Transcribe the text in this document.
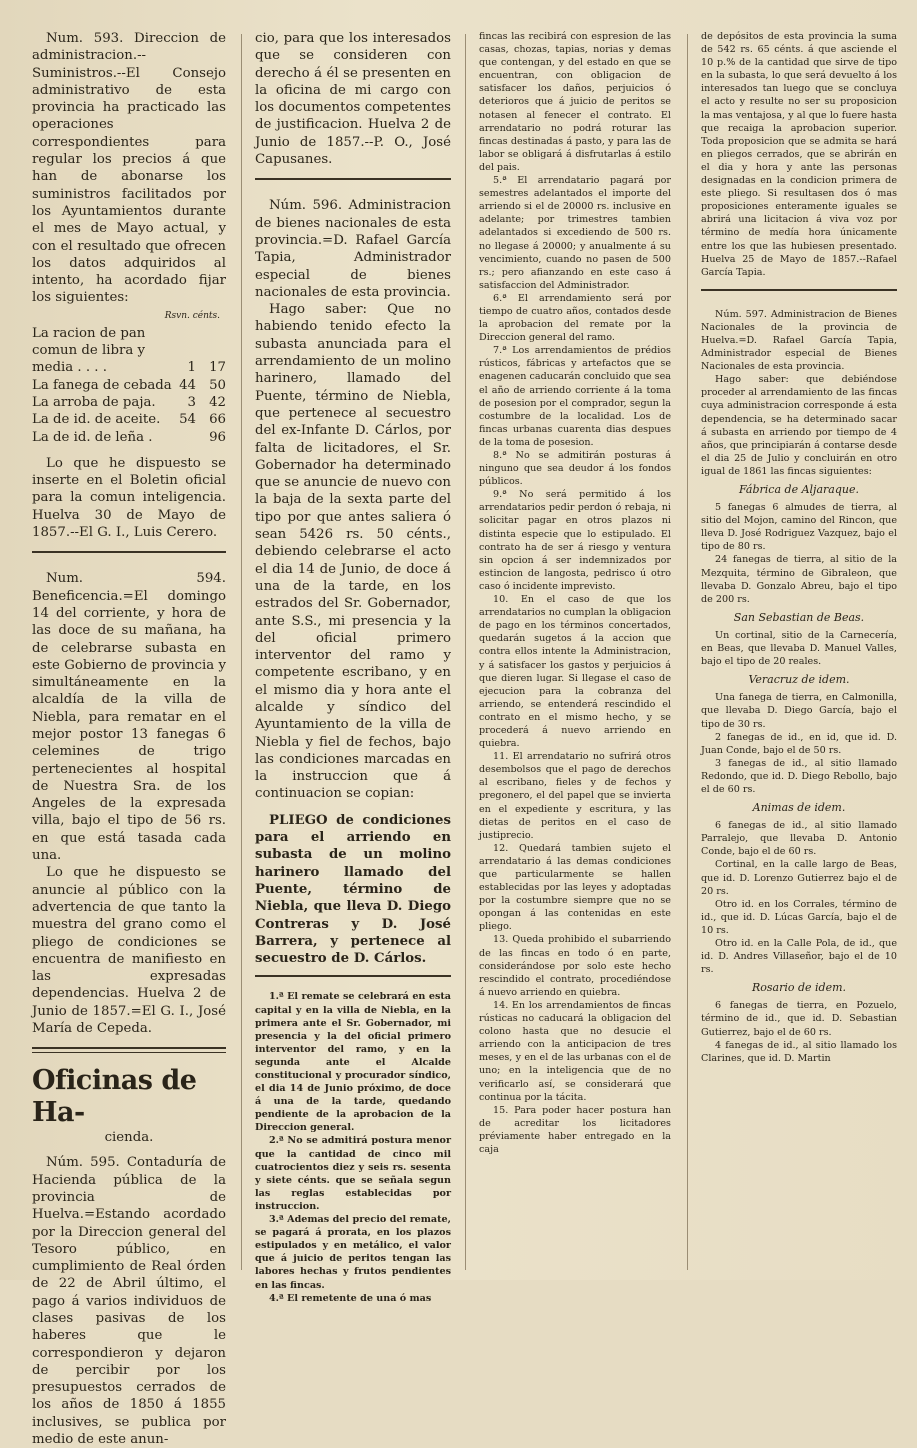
Num. 593. Direccion de administracion.--Suministros.--El Consejo administrativo de esta provincia ha practicado las operaciones correspondientes para regular los precios á que han de abonarse los suministros facilitados por los Ayuntamientos durante el mes de Mayo actual, y con el resultado que ofrecen los datos adquiridos al intento, ha acordado fijar los siguientes:

Rsvn. cénts.
La racion de pan comun de libra y media . . . .	1	17
La fanega de cebada	44	50
La arroba de paja.	3	42
La de id. de aceite.	54	66
La de id. de leña .		96

Lo que he dispuesto se inserte en el Boletin oficial para la comun inteligencia. Huelva 30 de Mayo de 1857.--El G. I., Luis Cerero.

Num. 594. Beneficencia.=El domingo 14 del corriente, y hora de las doce de su mañana, ha de celebrarse subasta en este Gobierno de provincia y simultáneamente en la alcaldía de la villa de Niebla, para rematar en el mejor postor 13 fanegas 6 celemines de trigo pertenecientes al hospital de Nuestra Sra. de los Angeles de la expresada villa, bajo el tipo de 56 rs. en que está tasada cada una.

Lo que he dispuesto se anuncie al público con la advertencia de que tanto la muestra del grano como el pliego de condiciones se encuentra de manifiesto en las expresadas dependencias. Huelva 2 de Junio de 1857.=El G. I., José María de Cepeda.

Oficinas de Ha-
cienda.

Núm. 595. Contaduría de Hacienda pública de la provincia de Huelva.=Estando acordado por la Direccion general del Tesoro público, en cumplimiento de Real órden de 22 de Abril último, el pago á varios individuos de clases pasivas de los haberes que le correspondieron y dejaron de percibir por los presupuestos cerrados de los años de 1850 á 1855 inclusives, se publica por medio de este anun-

cio, para que los interesados que se consideren con derecho á él se presenten en la oficina de mi cargo con los documentos competentes de justificacion. Huelva 2 de Junio de 1857.--P. O., José Capusanes.

Núm. 596. Administracion de bienes nacionales de esta provincia.=D. Rafael García Tapia, Administrador especial de bienes nacionales de esta provincia.

Hago saber: Que no habiendo tenido efecto la subasta anunciada para el arrendamiento de un molino harinero, llamado del Puente, término de Niebla, que pertenece al secuestro del ex-Infante D. Cárlos, por falta de licitadores, el Sr. Gobernador ha determinado que se anuncie de nuevo con la baja de la sexta parte del tipo por que antes saliera ó sean 5426 rs. 50 cénts., debiendo celebrarse el acto el dia 14 de Junio, de doce á una de la tarde, en los estrados del Sr. Gobernador, ante S.S., mi presencia y la del oficial primero interventor del ramo y competente escribano, y en el mismo dia y hora ante el alcalde y síndico del Ayuntamiento de la villa de Niebla y fiel de fechos, bajo las condiciones marcadas en la instruccion que á continuacion se copian:

PLIEGO de condiciones para el arriendo en subasta de un molino harinero llamado del Puente, término de Niebla, que lleva D. Diego Contreras y D. José Barrera, y pertenece al secuestro de D. Cárlos.

1.ª El remate se celebrará en esta capital y en la villa de Niebla, en la primera ante el Sr. Gobernador, mi presencia y la del oficial primero interventor del ramo, y en la segunda ante el Alcalde constitucional y procurador síndico, el dia 14 de Junio próximo, de doce á una de la tarde, quedando pendiente de la aprobacion de la Direccion general.

2.ª No se admitirá postura menor que la cantidad de cinco mil cuatrocientos diez y seis rs. sesenta y siete cénts. que se señala segun las reglas establecidas por instruccion.

3.ª Ademas del precio del remate, se pagará á prorata, en los plazos estipulados y en metálico, el valor que á juicio de peritos tengan las labores hechas y frutos pendientes en las fincas.

4.ª El remetente de una ó mas

fincas las recibirá con espresion de las casas, chozas, tapias, norias y demas que contengan, y del estado en que se encuentran, con obligacion de satisfacer los daños, perjuicios ó deterioros que á juicio de peritos se notasen al fenecer el contrato. El arrendatario no podrá roturar las fincas destinadas á pasto, y para las de labor se obligará á disfrutarlas á estilo del pais.

5.ª El arrendatario pagará por semestres adelantados el importe del arriendo si el de 20000 rs. inclusive en adelante; por trimestres tambien adelantados si excediendo de 500 rs. no llegase á 20000; y anualmente á su vencimiento, cuando no pasen de 500 rs.; pero afianzando en este caso á satisfaccion del Administrador.

6.ª El arrendamiento será por tiempo de cuatro años, contados desde la aprobacion del remate por la Direccion general del ramo.

7.ª Los arrendamientos de prédios rústicos, fábricas y artefactos que se enagenen caducarán concluido que sea el año de arriendo corriente á la toma de posesion por el comprador, segun la costumbre de la localidad. Los de fincas urbanas cuarenta dias despues de la toma de posesion.

8.ª No se admitirán posturas á ninguno que sea deudor á los fondos públicos.

9.ª No será permitido á los arrendatarios pedir perdon ó rebaja, ni solicitar pagar en otros plazos ni distinta especie que lo estipulado. El contrato ha de ser á riesgo y ventura sin opcion á ser indemnizados por estincion de langosta, pedrisco ú otro caso ó incidente imprevisto.

10. En el caso de que los arrendatarios no cumplan la obligacion de pago en los términos concertados, quedarán sugetos á la accion que contra ellos intente la Administracion, y á satisfacer los gastos y perjuicios á que dieren lugar. Si llegase el caso de ejecucion para la cobranza del arriendo, se entenderá rescindido el contrato en el mismo hecho, y se procederá á nuevo arriendo en quiebra.

11. El arrendatario no sufrirá otros desembolsos que el pago de derechos al escribano, fieles y de fechos y pregonero, el del papel que se invierta en el expediente y escritura, y las dietas de peritos en el caso de justiprecio.

12. Quedará tambien sujeto el arrendatario á las demas condiciones que particularmente se hallen establecidas por las leyes y adoptadas por la costumbre siempre que no se opongan á las contenidas en este pliego.

13. Queda prohibido el subarriendo de las fincas en todo ó en parte, considerándose por solo este hecho rescindido el contrato, procediéndose á nuevo arriendo en quiebra.

14. En los arrendamientos de fincas rústicas no caducará la obligacion del colono hasta que no desucie el arriendo con la anticipacion de tres meses, y en el de las urbanas con el de uno; en la inteligencia que de no verificarlo así, se considerará que continua por la tácita.

15. Para poder hacer postura han de acreditar los licitadores préviamente haber entregado en la caja

de depósitos de esta provincia la suma de 542 rs. 65 cénts. á que asciende el 10 p.% de la cantidad que sirve de tipo en la subasta, lo que será devuelto á los interesados tan luego que se concluya el acto y resulte no ser su proposicion la mas ventajosa, y al que lo fuere hasta que recaiga la aprobacion superior. Toda proposicion que se admita se hará en pliegos cerrados, que se abrirán en el dia y hora y ante las personas designadas en la condicion primera de este pliego. Si resultasen dos ó mas proposiciones enteramente iguales se abrirá una licitacion á viva voz por término de medía hora únicamente entre los que las hubiesen presentado. Huelva 25 de Mayo de 1857.--Rafael García Tapia.

Núm. 597. Administracion de Bienes Nacionales de la provincia de Huelva.=D. Rafael García Tapia, Administrador especial de Bienes Nacionales de esta provincia.

Hago saber: que debiéndose proceder al arrendamiento de las fincas cuya administracion corresponde á esta dependencia, se ha determinado sacar á subasta en arriendo por tiempo de 4 años, que principiarán á contarse desde el dia 25 de Julio y concluirán en otro igual de 1861 las fincas siguientes:

Fábrica de Aljaraque.

5 fanegas 6 almudes de tierra, al sitio del Mojon, camino del Rincon, que lleva D. José Rodriguez Vazquez, bajo el tipo de 80 rs.

24 fanegas de tierra, al sitio de la Mezquita, término de Gibraleon, que llevaba D. Gonzalo Abreu, bajo el tipo de 200 rs.

San Sebastian de Beas.

Un cortinal, sitio de la Carnecería, en Beas, que llevaba D. Manuel Valles, bajo el tipo de 20 reales.

Veracruz de idem.

Una fanega de tierra, en Calmonilla, que llevaba D. Diego García, bajo el tipo de 30 rs.

2 fanegas de id., en id, que id. D. Juan Conde, bajo el de 50 rs.

3 fanegas de id., al sitio llamado Redondo, que id. D. Diego Rebollo, bajo el de 60 rs.

Animas de idem.

6 fanegas de id., al sitio llamado Parralejo, que llevaba D. Antonio Conde, bajo el de 60 rs.

Cortinal, en la calle largo de Beas, que id. D. Lorenzo Gutierrez bajo el de 20 rs.

Otro id. en los Corrales, término de id., que id. D. Lúcas García, bajo el de 10 rs.

Otro id. en la Calle Pola, de id., que id. D. Andres Villaseñor, bajo el de 10 rs.

Rosario de idem.

6 fanegas de tierra, en Pozuelo, término de id., que id. D. Sebastian Gutierrez, bajo el de 60 rs.

4 fanegas de id., al sitio llamado los Clarines, que id. D. Martin
